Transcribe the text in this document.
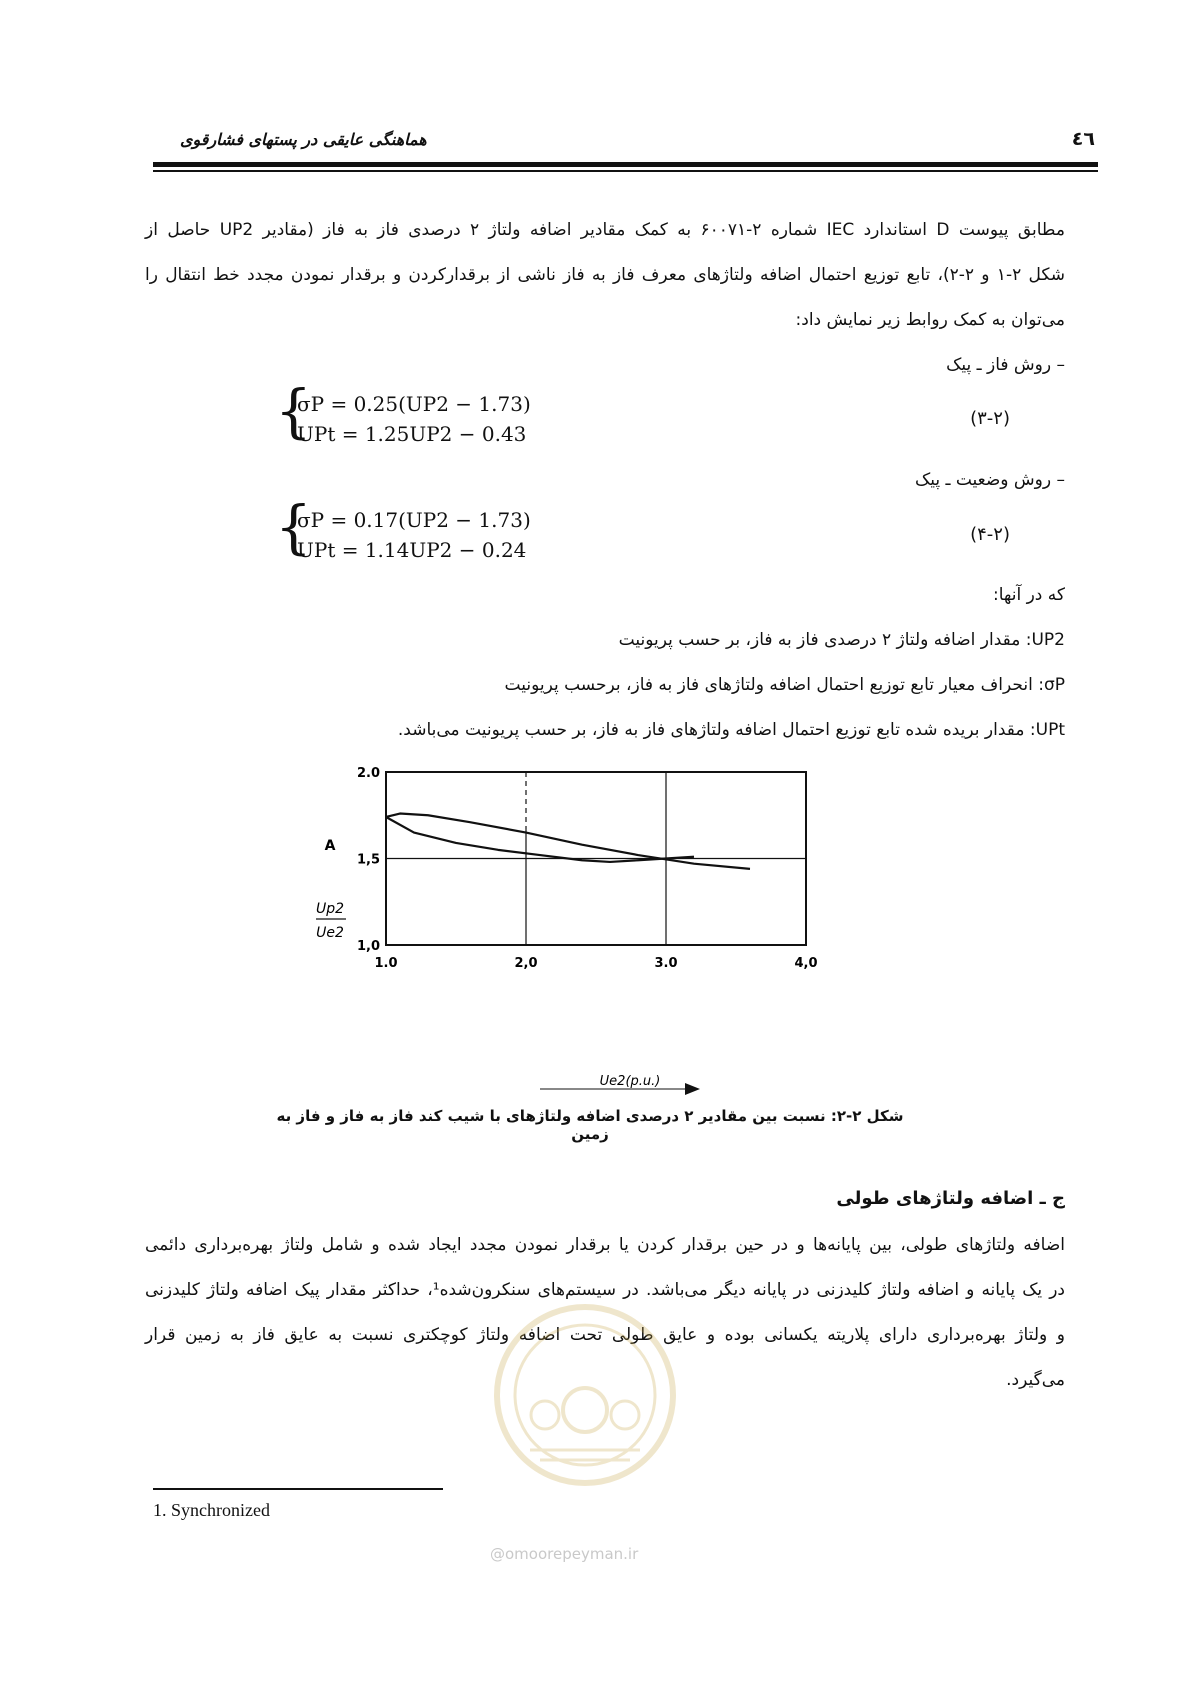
هماهنگی عایقی در پستهای فشارقوی	٤٦
مطابق پیوست D استاندارد IEC شماره ۲-۶۰۰۷۱ به کمک مقادیر اضافه ولتاژ ۲ درصدی فاز به فاز (مقادیر UP2 حاصل از
شکل ۲-۱ و ۲-۲)، تابع توزیع احتمال اضافه ولتاژهای معرف فاز به فاز ناشی از برقدارکردن و برقدار نمودن مجدد خط انتقال را
می‌توان به کمک روابط زیر نمایش داد:
– روش فاز ـ پیک
{
σP = 0.25(UP2 − 1.73)
UPt = 1.25UP2 − 0.43
(۳-۲)
– روش وضعیت ـ پیک
{
σP = 0.17(UP2 − 1.73)
UPt = 1.14UP2 − 0.24
(۴-۲)
که در آنها:
UP2: مقدار اضافه ولتاژ ۲ درصدی فاز به فاز، بر حسب پریونیت
σP: انحراف معیار تابع توزیع احتمال اضافه ولتاژهای فاز به فاز، برحسب پریونیت
UPt: مقدار بریده شده تابع توزیع احتمال اضافه ولتاژهای فاز به فاز، بر حسب پریونیت می‌باشد.
1.0	2,0	3.0	4,0
2.0
1,5
1,0
A
Up2
Ue2
Ue2(p.u.)
شکل ۲-۲: نسبت بین مقادیر ۲ درصدی اضافه ولتاژهای با شیب کند فاز به فاز و فاز به زمین
ج ـ اضافه ولتاژهای طولی
اضافه ولتاژهای طولی، بین پایانه‌ها و در حین برقدار کردن یا برقدار نمودن مجدد ایجاد شده و شامل ولتاژ بهره‌برداری دائمی
در یک پایانه و اضافه ولتاژ کلیدزنی در پایانه دیگر می‌باشد. در سیستم‌های سنکرون‌شده¹، حداکثر مقدار پیک اضافه ولتاژ کلیدزنی
و ولتاژ بهره‌برداری دارای پلاریته یکسانی بوده و عایق طولی تحت اضافه ولتاژ کوچکتری نسبت به عایق فاز به زمین قرار
می‌گیرد.
@omoorepeyman.ir
1. Synchronized
